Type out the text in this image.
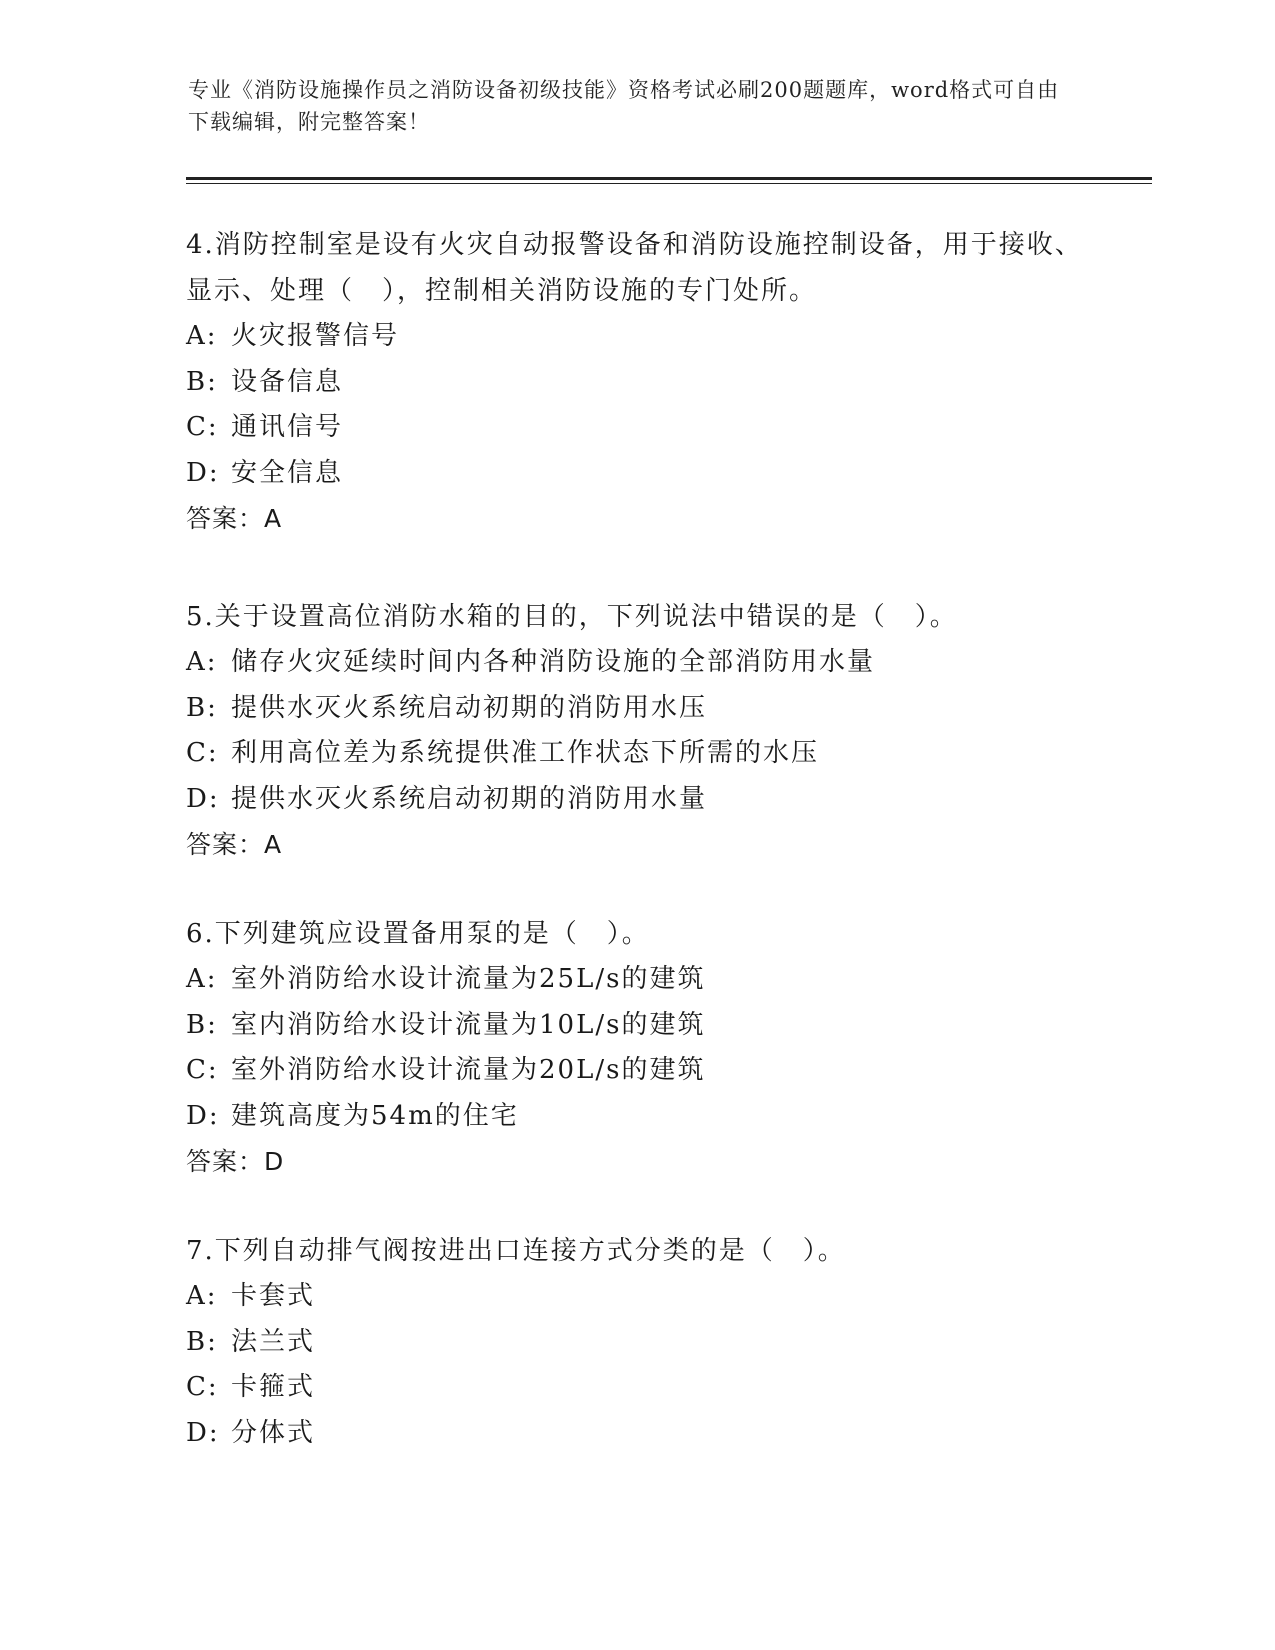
专业《消防设施操作员之消防设备初级技能》资格考试必刷200题题库，word格式可自由下载编辑，附完整答案！

4.消防控制室是设有火灾自动报警设备和消防设施控制设备，用于接收、显示、处理（　），控制相关消防设施的专门处所。

A: 火灾报警信号

B: 设备信息

C: 通讯信号

D: 安全信息

答案：A

5.关于设置高位消防水箱的目的，下列说法中错误的是（　）。

A: 储存火灾延续时间内各种消防设施的全部消防用水量

B: 提供水灭火系统启动初期的消防用水压

C: 利用高位差为系统提供准工作状态下所需的水压

D: 提供水灭火系统启动初期的消防用水量

答案：A

6.下列建筑应设置备用泵的是（　）。

A: 室外消防给水设计流量为25L/s的建筑

B: 室内消防给水设计流量为10L/s的建筑

C: 室外消防给水设计流量为20L/s的建筑

D: 建筑高度为54m的住宅

答案：D

7.下列自动排气阀按进出口连接方式分类的是（　）。

A: 卡套式

B: 法兰式

C: 卡箍式

D: 分体式
